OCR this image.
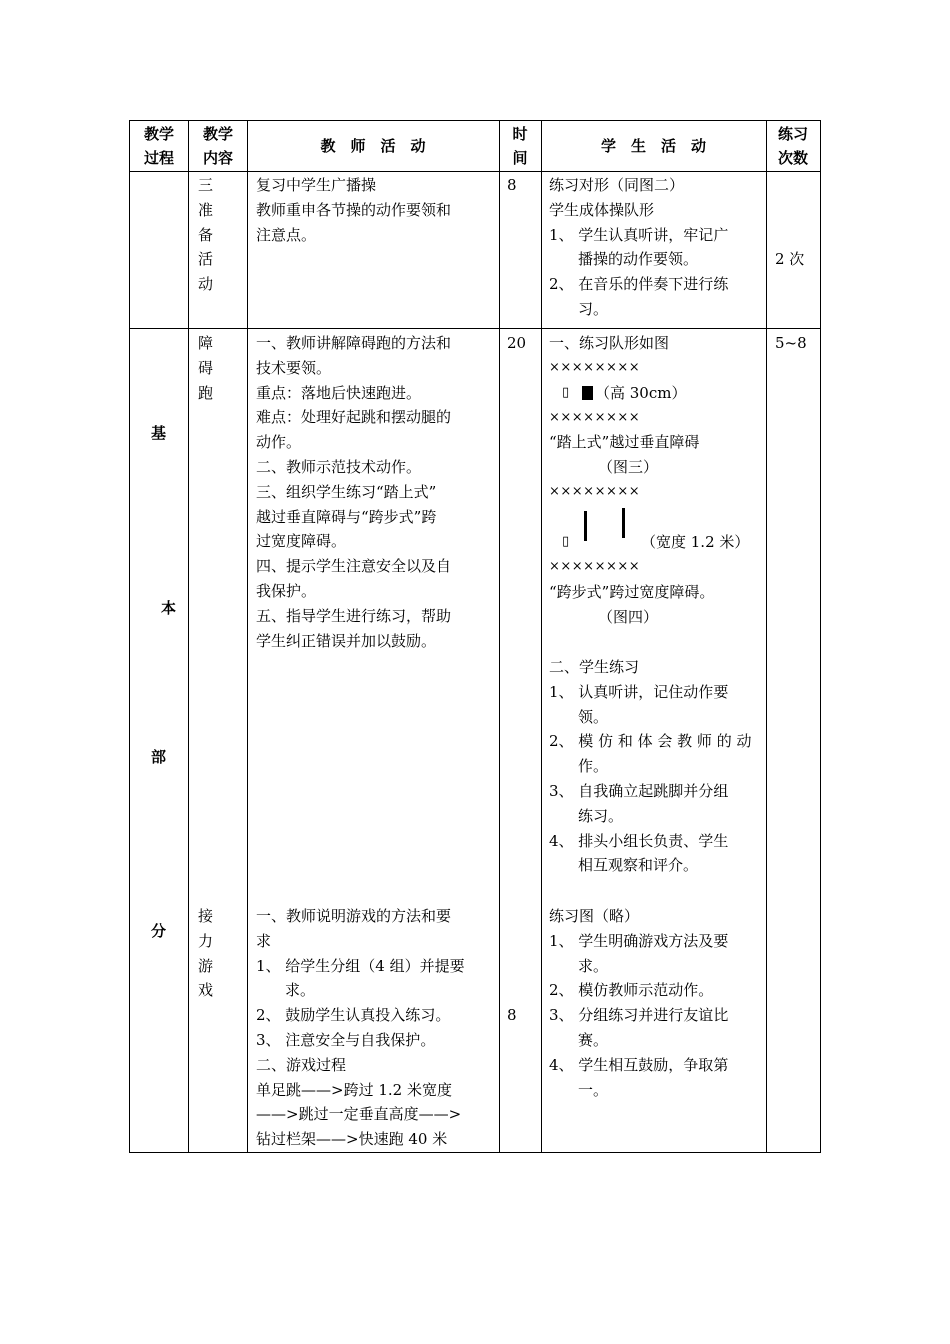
教学
过程
教学
内容
教　师　活　动
时
间
学　生　活　动
练习
次数
三
准
备
活
动
复习中学生广播操
教师重申各节操的动作要领和
注意点。
8 练习对形（同图二）
学生成体操队形
1、 学生认真听讲，牢记广
播操的动作要领。
2、 在音乐的伴奏下进行练
习。
2 次
基
本
部
分
障
碍
跑
一、教师讲解障碍跑的方法和
技术要领。
重点：落地后快速跑进。
难点：处理好起跳和摆动腿的
动作。
二、教师示范技术动作。
三、组织学生练习“踏上式”
越过垂直障碍与“跨步式”跨
过宽度障碍。
四、提示学生注意安全以及自
我保护。
五、指导学生进行练习，帮助
学生纠正错误并加以鼓励。
20 一、练习队形如图
××××××××
▯ （高 30cm）
××××××××
“踏上式”越过垂直障碍
（图三）
××××××××
▯	（宽度 1.2 米）
××××××××
“跨步式”跨过宽度障碍。
（图四）
二、学生练习
1、 认真听讲，记住动作要
领。
2、 模 仿 和 体 会 教 师 的 动
作。
3、 自我确立起跳脚并分组
练习。
4、 排头小组长负责、学生
相互观察和评介。
5~8
接
力
游
戏
一、教师说明游戏的方法和要
求
1、 给学生分组（4 组）并提要
求。
2、 鼓励学生认真投入练习。
3、 注意安全与自我保护。
二、游戏过程
单足跳——>跨过 1.2 米宽度
——>跳过一定垂直高度——>
钻过栏架——>快速跑 40 米
8
练习图（略）
1、 学生明确游戏方法及要
求。
2、 模仿教师示范动作。
3、 分组练习并进行友谊比
赛。
4、 学生相互鼓励，争取第
一。
